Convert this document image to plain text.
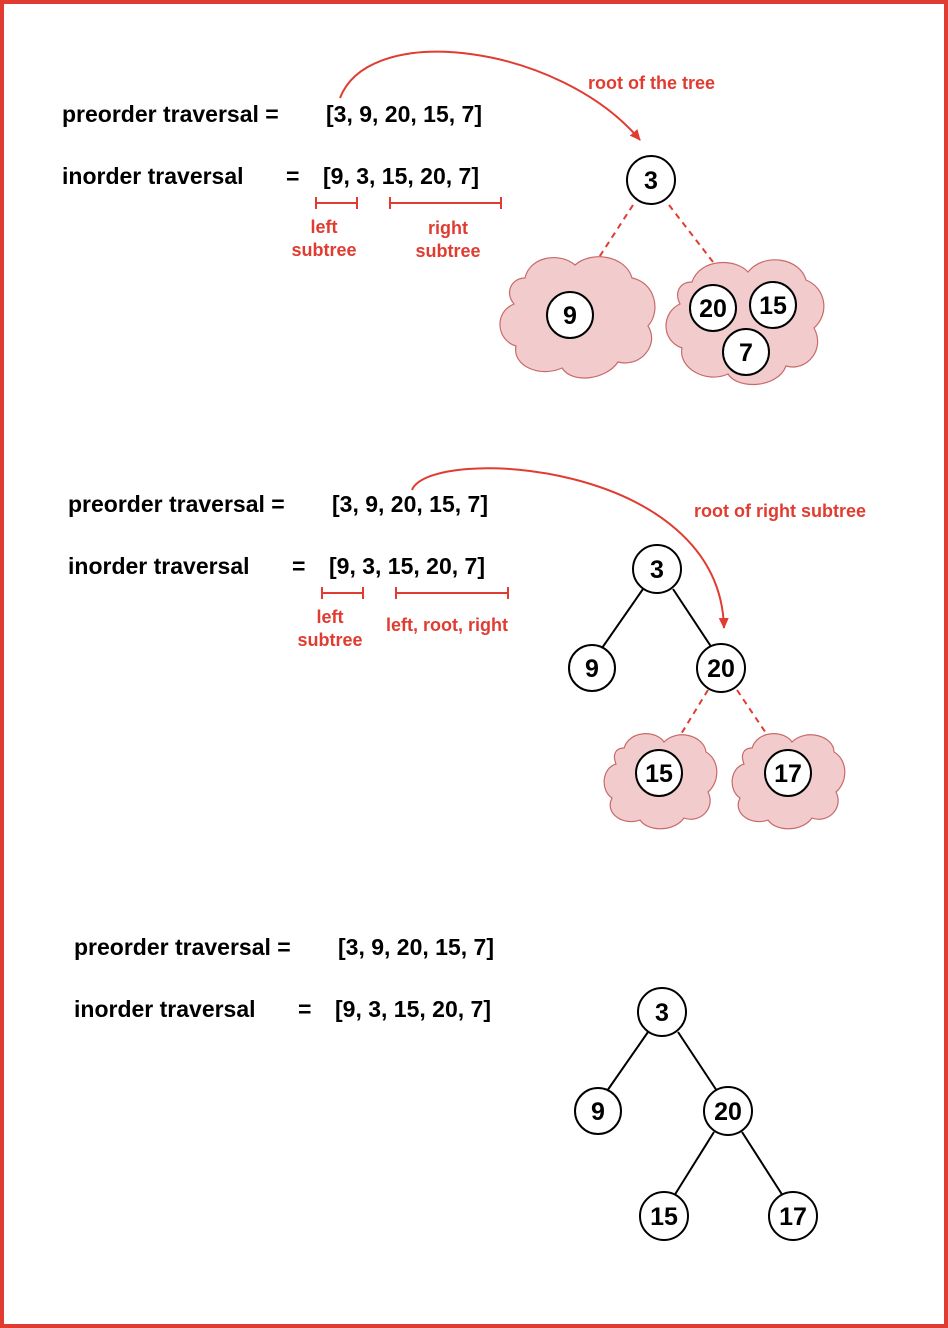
3
9	20 15
7
3
9	20
15	17
3
9	20
15	17
preorder traversal = [3, 9, 20, 15, 7]
inorder traversal = [9, 3, 15, 20, 7]
left
subtree
right
subtree
root of the tree
preorder traversal = [3, 9, 20, 15, 7]
inorder traversal = [9, 3, 15, 20, 7]
left
subtree
left, root, right
root of right subtree
preorder traversal = [3, 9, 20, 15, 7]
inorder traversal = [9, 3, 15, 20, 7]
